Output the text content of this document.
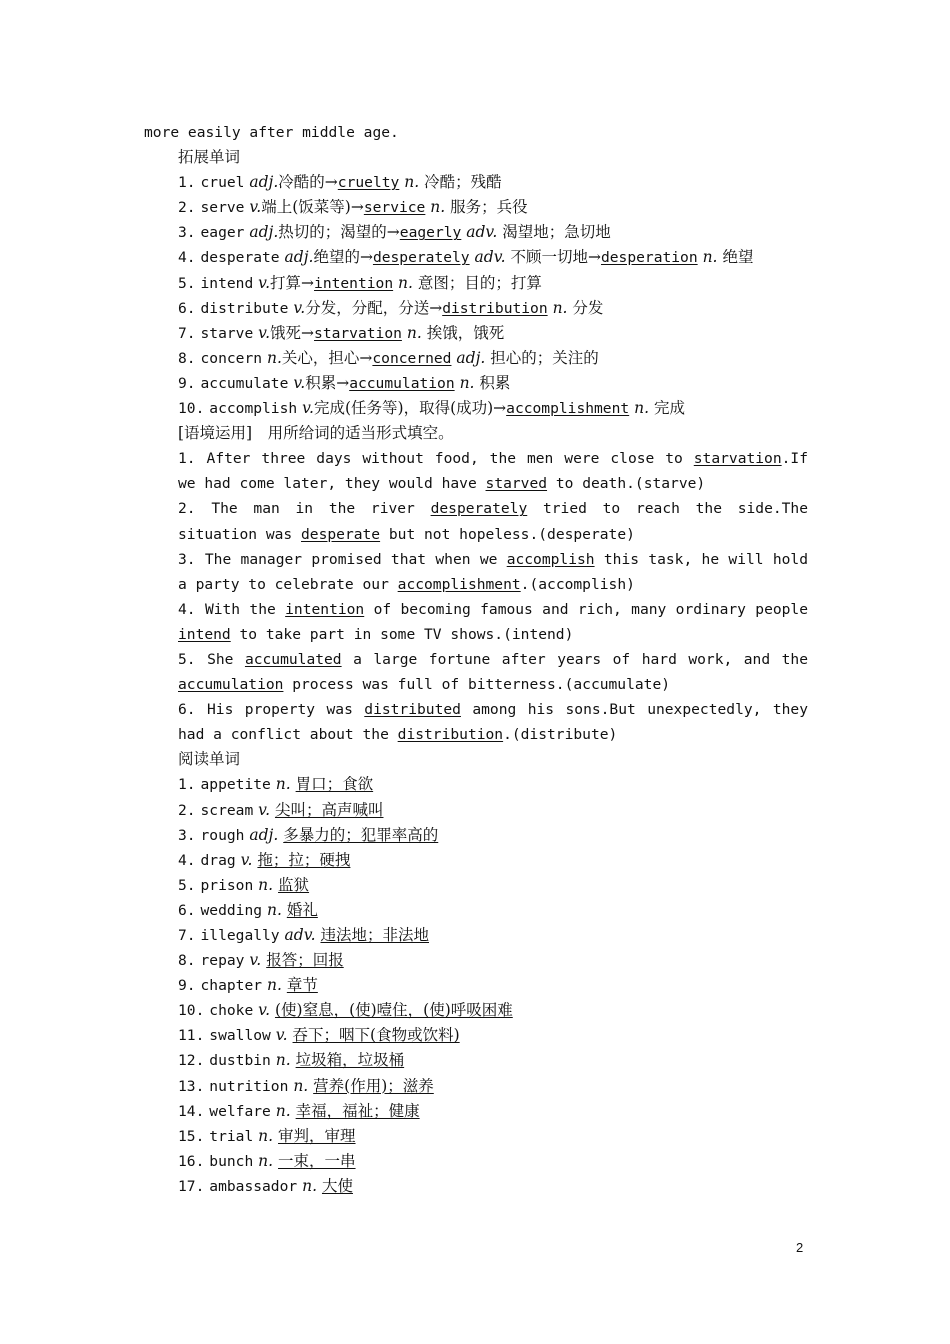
more easily after middle age.

拓展单词

1. cruel adj.冷酷的→cruelty n. 冷酷；残酷

2. serve v.端上(饭菜等)→service n. 服务；兵役

3. eager adj.热切的；渴望的→eagerly adv. 渴望地；急切地

4. desperate adj.绝望的→desperately adv. 不顾一切地→desperation n. 绝望

5. intend v.打算→intention n. 意图；目的；打算

6. distribute v.分发，分配，分送→distribution n. 分发

7. starve v.饿死→starvation n. 挨饿，饿死

8. concern n.关心，担心→concerned adj. 担心的；关注的

9. accumulate v.积累→accumulation n. 积累

10. accomplish v.完成(任务等)，取得(成功)→accomplishment n. 完成

[语境运用]　用所给词的适当形式填空。

1. After three days without food, the men were close to starvation.If we had come later, they would have starved to death.(starve)

2. The man in the river desperately tried to reach the side.The situation was desperate but not hopeless.(desperate)

3. The manager promised that when we accomplish this task, he will hold a party to celebrate our accomplishment.(accomplish)

4. With the intention of becoming famous and rich, many ordinary people intend to take part in some TV shows.(intend)

5. She accumulated a large fortune after years of hard work, and the accumulation process was full of bitterness.(accumulate)

6. His property was distributed among his sons.But unexpectedly, they had a conflict about the distribution.(distribute)

阅读单词

1. appetite n. 胃口；食欲

2. scream v. 尖叫；高声喊叫

3. rough adj. 多暴力的；犯罪率高的

4. drag v. 拖；拉；硬拽

5. prison n. 监狱

6. wedding n. 婚礼

7. illegally adv. 违法地；非法地

8. repay v. 报答；回报

9. chapter n. 章节

10. choke v. (使)窒息，(使)噎住，(使)呼吸困难

11. swallow v. 吞下；咽下(食物或饮料)

12. dustbin n. 垃圾箱，垃圾桶

13. nutrition n. 营养(作用)；滋养

14. welfare n. 幸福，福祉；健康

15. trial n. 审判，审理

16. bunch n. 一束，一串

17. ambassador n. 大使

2
